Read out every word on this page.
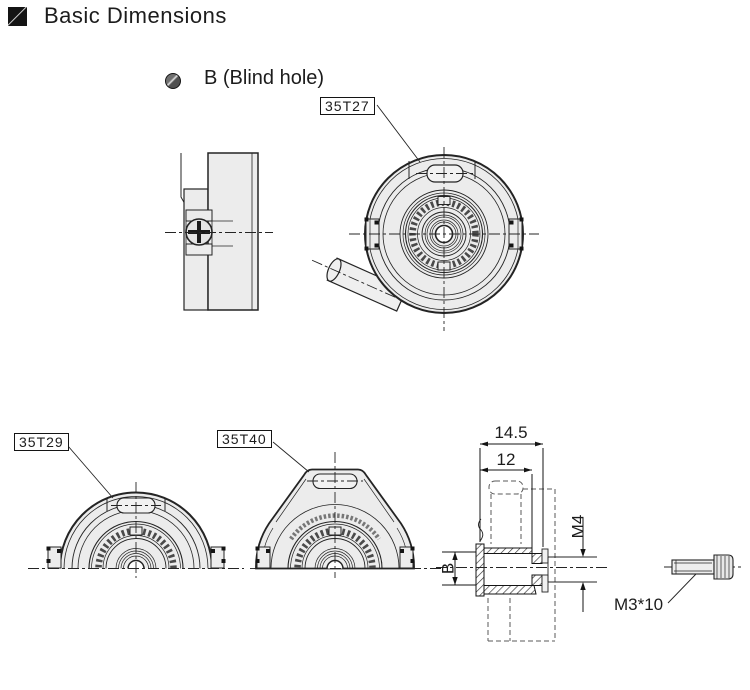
Basic Dimensions
B (Blind hole)
35T27
35T29	35T40	14.5
12
M4
B
M3*10
